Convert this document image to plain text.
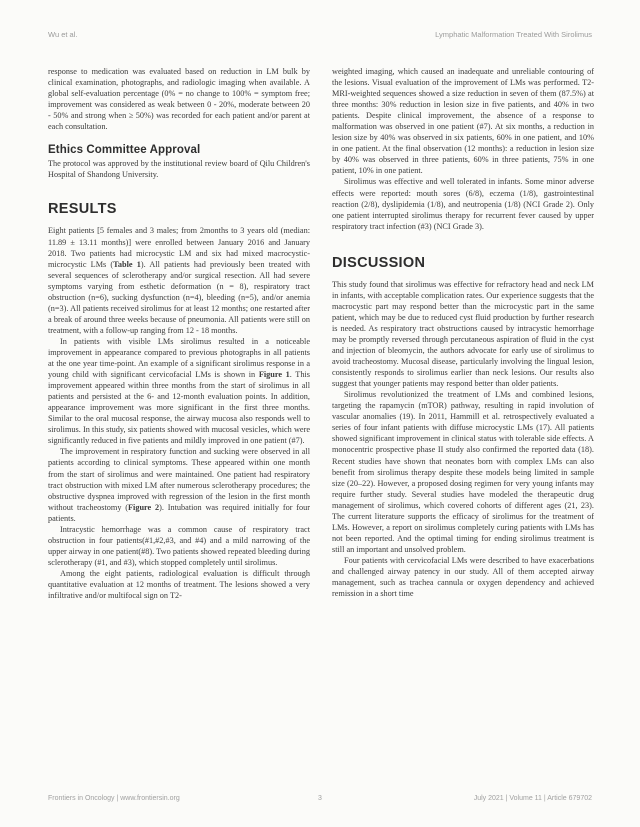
Wu et al.	Lymphatic Malformation Treated With Sirolimus

response to medication was evaluated based on reduction in LM bulk by clinical examination, photographs, and radiologic imaging when available. A global self-evaluation percentage (0% = no change to 100% = symptom free; improvement was considered as weak between 0 - 20%, moderate between 20 - 50% and strong when ≥ 50%) was recorded for each patient and/or parent at each consultation.

Ethics Committee Approval

The protocol was approved by the institutional review board of Qilu Children's Hospital of Shandong University.

RESULTS

Eight patients [5 females and 3 males; from 2months to 3 years old (median: 11.89 ± 13.11 months)] were enrolled between January 2016 and January 2018. Two patients had microcystic LM and six had mixed macrocystic-microcystic LMs (Table 1). All patients had previously been treated with several sequences of sclerotherapy and/or surgical resection. All had severe symptoms varying from esthetic deformation (n = 8), respiratory tract obstruction (n=6), sucking dysfunction (n=4), bleeding (n=5), and/or anemia (n=3). All patients received sirolimus for at least 12 months; one restarted after a break of around three weeks because of pneumonia. All patients were still on treatment, with a follow-up ranging from 12 - 18 months.

In patients with visible LMs sirolimus resulted in a noticeable improvement in appearance compared to previous photographs in all patients at the one year time-point. An example of a significant sirolimus response in a young child with significant cervicofacial LMs is shown in Figure 1. This improvement appeared within three months from the start of sirolimus in all patients and persisted at the 6- and 12-month evaluation points. In addition, appearance improvement was more significant in the first three months. Similar to the oral mucosal response, the airway mucosa also responds well to sirolimus. In this study, six patients showed with mucosal vesicles, which were significantly reduced in five patients and mildly improved in one patient (#7).

The improvement in respiratory function and sucking were observed in all patients according to clinical symptoms. These appeared within one month from the start of sirolimus and were maintained. One patient had respiratory tract obstruction with mixed LM after numerous sclerotherapy procedures; the obstructive dyspnea improved with regression of the lesion in the first month without tracheostomy (Figure 2). Intubation was required initially for four patients.

Intracystic hemorrhage was a common cause of respiratory tract obstruction in four patients(#1,#2,#3, and #4) and a mild narrowing of the upper airway in one patient(#8). Two patients showed repeated bleeding during sclerotherapy (#1, and #3), which stopped completely until sirolimus.

Among the eight patients, radiological evaluation is difficult through quantitative evaluation at 12 months of treatment. The lesions showed a very infiltrative and/or multifocal sign on T2-

weighted imaging, which caused an inadequate and unreliable contouring of the lesions. Visual evaluation of the improvement of LMs was performed. T2-MRI-weighted sequences showed a size reduction in seven of them (87.5%) at three months: 30% reduction in lesion size in five patients, and 40% in two patients. Despite clinical improvement, the absence of a response to malformation was observed in one patient (#7). At six months, a reduction in lesion size by 40% was observed in six patients, 60% in one patient, and 10% in one patient. At the final observation (12 months): a reduction in lesion size by 40% was observed in three patients, 60% in three patients, 75% in one patient, 10% in one patient.

Sirolimus was effective and well tolerated in infants. Some minor adverse effects were reported: mouth sores (6/8), eczema (1/8), gastrointestinal reaction (2/8), dyslipidemia (1/8), and neutropenia (1/8) (NCI Grade 2). Only one patient interrupted sirolimus therapy for recurrent fever caused by upper respiratory tract infection (#3) (NCI Grade 3).

DISCUSSION

This study found that sirolimus was effective for refractory head and neck LM in infants, with acceptable complication rates. Our experience suggests that the macrocystic part may respond better than the microcystic part in the same patient, which may be due to reduced cyst fluid production by further research is needed. As respiratory tract obstructions caused by intracystic hemorrhage may be promptly reversed through percutaneous aspiration of fluid in the cyst and injection of bleomycin, the authors advocate for early use of sirolimus to avoid tracheostomy. Mucosal disease, particularly involving the lingual lesion, consistently responds to sirolimus earlier than neck lesions. Our results also suggest that younger patients may respond better than older patients.

Sirolimus revolutionized the treatment of LMs and combined lesions, targeting the rapamycin (mTOR) pathway, resulting in rapid involution of vascular anomalies (19). In 2011, Hammill et al. retrospectively evaluated a series of four infant patients with diffuse microcystic LMs (17). All patients showed significant improvement in clinical status with tolerable side effects. A monocentric prospective phase II study also confirmed the reported data (18). Recent studies have shown that neonates born with complex LMs can also benefit from sirolimus therapy despite these models being limited in sample size (20–22). However, a proposed dosing regimen for very young infants may require further study. Several studies have modeled the therapeutic drug management of sirolimus, which covered cohorts of different ages (21, 23). The current literature supports the efficacy of sirolimus for the treatment of LMs. However, a report on sirolimus completely curing patients with LMs has not been reported. And the optimal timing for ending sirolimus treatment is still an important and unsolved problem.

Four patients with cervicofacial LMs were described to have exacerbations and challenged airway patency in our study. All of them accepted airway management, such as trachea cannula or oxygen dependency and achieved remission in a short time

Frontiers in Oncology | www.frontiersin.org	3	July 2021 | Volume 11 | Article 679702
